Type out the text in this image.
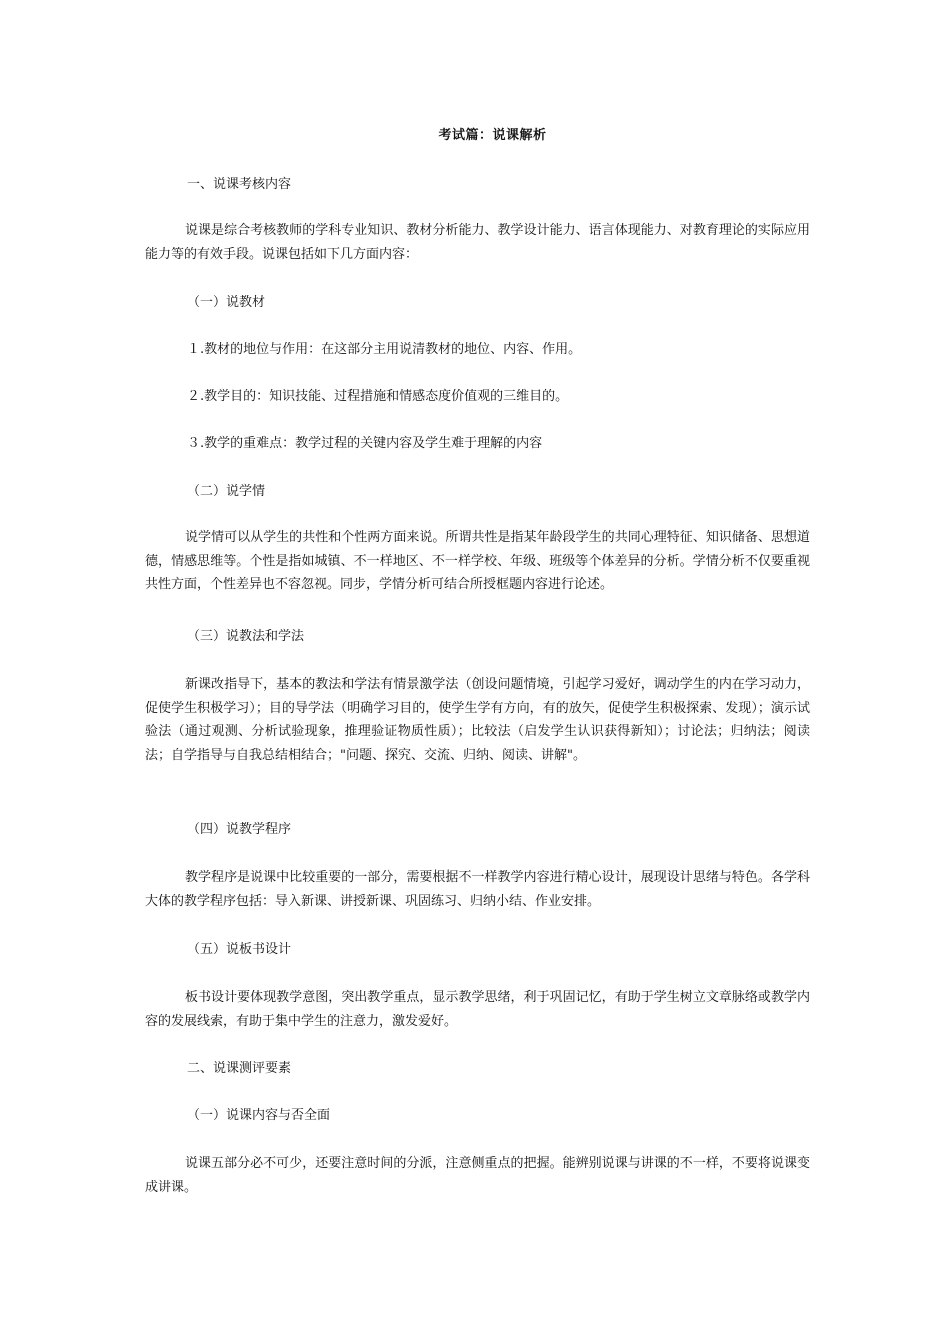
考试篇：说课解析

一、说课考核内容

说课是综合考核教师的学科专业知识、教材分析能力、教学设计能力、语言体现能力、对教育理论的实际应用能力等的有效手段。说课包括如下几方面内容：

（一）说教材

１.教材的地位与作用：在这部分主用说清教材的地位、内容、作用。

２.教学目的：知识技能、过程措施和情感态度价值观的三维目的。

３.教学的重难点：教学过程的关键内容及学生难于理解的内容

（二）说学情

说学情可以从学生的共性和个性两方面来说。所谓共性是指某年龄段学生的共同心理特征、知识储备、思想道德，情感思维等。个性是指如城镇、不一样地区、不一样学校、年级、班级等个体差异的分析。学情分析不仅要重视共性方面，个性差异也不容忽视。同步，学情分析可结合所授框题内容进行论述。

（三）说教法和学法

新课改指导下，基本的教法和学法有情景激学法（创设问题情境，引起学习爱好，调动学生的内在学习动力，促使学生积极学习）；目的导学法（明确学习目的，使学生学有方向，有的放矢，促使学生积极探索、发现）；演示试验法（通过观测、分析试验现象，推理验证物质性质）；比较法（启发学生认识获得新知）；讨论法；归纳法；阅读法；自学指导与自我总结相结合；"问题、探究、交流、归纳、阅读、讲解"。

（四）说教学程序

教学程序是说课中比较重要的一部分，需要根据不一样教学内容进行精心设计，展现设计思绪与特色。各学科大体的教学程序包括：导入新课、讲授新课、巩固练习、归纳小结、作业安排。

（五）说板书设计

板书设计要体现教学意图，突出教学重点，显示教学思绪，利于巩固记忆，有助于学生树立文章脉络或教学内容的发展线索，有助于集中学生的注意力，激发爱好。

二、说课测评要素

（一）说课内容与否全面

说课五部分必不可少，还要注意时间的分派，注意侧重点的把握。能辨别说课与讲课的不一样，不要将说课变成讲课。
